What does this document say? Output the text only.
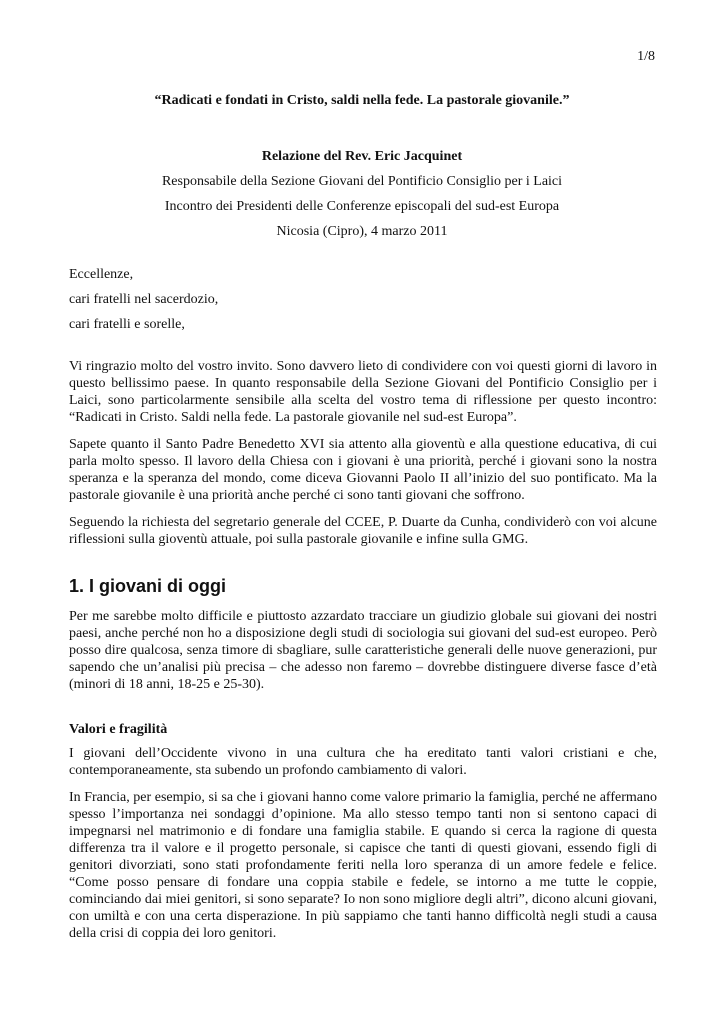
1/8
“Radicati e fondati in Cristo, saldi nella fede. La pastorale giovanile.”
Relazione del Rev. Eric Jacquinet
Responsabile della Sezione Giovani del Pontificio Consiglio per i Laici
Incontro dei Presidenti delle Conferenze episcopali del sud-est Europa
Nicosia (Cipro), 4 marzo 2011
Eccellenze,
cari fratelli nel sacerdozio,
cari fratelli e sorelle,

Vi ringrazio molto del vostro invito. Sono davvero lieto di condividere con voi questi giorni di lavoro in questo bellissimo paese. In quanto responsabile della Sezione Giovani del Pontificio Consiglio per i Laici, sono particolarmente sensibile alla scelta del vostro tema di riflessione per questo incontro: “Radicati in Cristo. Saldi nella fede. La pastorale giovanile nel sud-est Europa”.

Sapete quanto il Santo Padre Benedetto XVI sia attento alla gioventù e alla questione educativa, di cui parla molto spesso. Il lavoro della Chiesa con i giovani è una priorità, perché i giovani sono la nostra speranza e la speranza del mondo, come diceva Giovanni Paolo II all’inizio del suo pontificato. Ma la pastorale giovanile è una priorità anche perché ci sono tanti giovani che soffrono.

Seguendo la richiesta del segretario generale del CCEE, P. Duarte da Cunha, condividerò con voi alcune riflessioni sulla gioventù attuale, poi sulla pastorale giovanile e infine sulla GMG.

1. I giovani di oggi

Per me sarebbe molto difficile e piuttosto azzardato tracciare un giudizio globale sui giovani dei nostri paesi, anche perché non ho a disposizione degli studi di sociologia sui giovani del sud-est europeo. Però posso dire qualcosa, senza timore di sbagliare, sulle caratteristiche generali delle nuove generazioni, pur sapendo che un’analisi più precisa – che adesso non faremo – dovrebbe distinguere diverse fasce d’età (minori di 18 anni, 18-25 e 25-30).

Valori e fragilità

I giovani dell’Occidente vivono in una cultura che ha ereditato tanti valori cristiani e che, contemporaneamente, sta subendo un profondo cambiamento di valori.

In Francia, per esempio, si sa che i giovani hanno come valore primario la famiglia, perché ne affermano spesso l’importanza nei sondaggi d’opinione. Ma allo stesso tempo tanti non si sentono capaci di impegnarsi nel matrimonio e di fondare una famiglia stabile. E quando si cerca la ragione di questa differenza tra il valore e il progetto personale, si capisce che tanti di questi giovani, essendo figli di genitori divorziati, sono stati profondamente feriti nella loro speranza di un amore fedele e felice. “Come posso pensare di fondare una coppia stabile e fedele, se intorno a me tutte le coppie, cominciando dai miei genitori, si sono separate? Io non sono migliore degli altri”, dicono alcuni giovani, con umiltà e con una certa disperazione. In più sappiamo che tanti hanno difficoltà negli studi a causa della crisi di coppia dei loro genitori.
